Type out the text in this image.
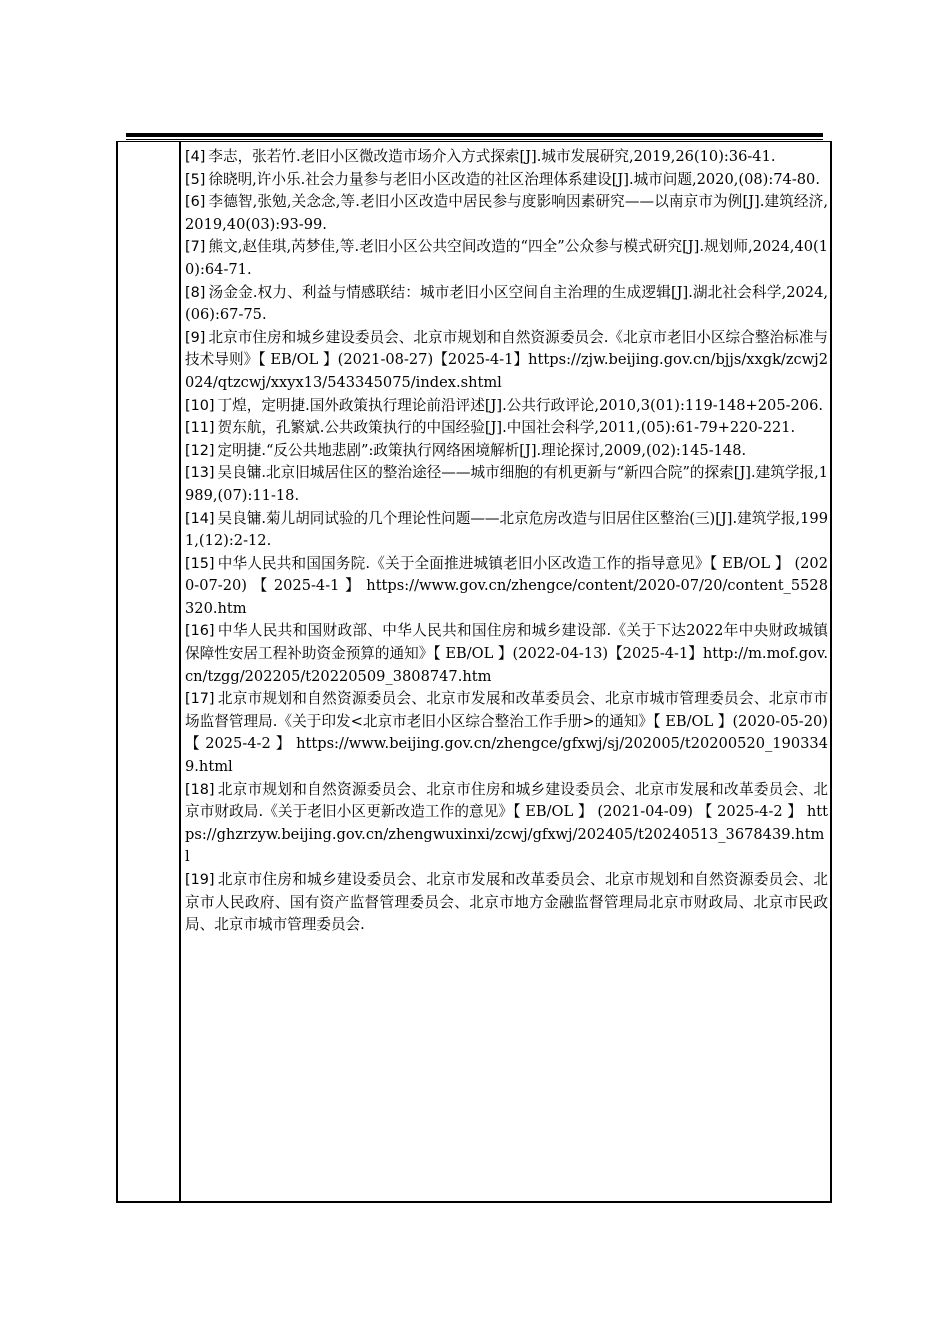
[4] 李志，张若竹.老旧小区微改造市场介入方式探索[J].城市发展研究,2019,26(10):36-41.

[5] 徐晓明,许小乐.社会力量参与老旧小区改造的社区治理体系建设[J].城市问题,2020,(08):74-80.

[6] 李德智,张勉,关念念,等.老旧小区改造中居民参与度影响因素研究——以南京市为例[J].建筑经济,2019,40(03):93-99.

[7] 熊文,赵佳琪,芮梦佳,等.老旧小区公共空间改造的“四全”公众参与模式研究[J].规划师,2024,40(10):64-71.

[8] 汤金金.权力、利益与情感联结：城市老旧小区空间自主治理的生成逻辑[J].湖北社会科学,2024,(06):67-75.

[9] 北京市住房和城乡建设委员会、北京市规划和自然资源委员会.《北京市老旧小区综合整治标准与技术导则》【 EB/OL 】(2021-08-27)【2025-4-1】https://zjw.beijing.gov.cn/bjjs/xxgk/zcwj2024/qtzcwj/xxyx13/543345075/index.shtml

[10] 丁煌，定明捷.国外政策执行理论前沿评述[J].公共行政评论,2010,3(01):119-148+205-206.

[11] 贺东航，孔繁斌.公共政策执行的中国经验[J].中国社会科学,2011,(05):61-79+220-221.

[12] 定明捷.“反公共地悲剧”:政策执行网络困境解析[J].理论探讨,2009,(02):145-148.

[13] 吴良镛.北京旧城居住区的整治途径——城市细胞的有机更新与“新四合院”的探索[J].建筑学报,1989,(07):11-18.

[14] 吴良镛.菊儿胡同试验的几个理论性问题——北京危房改造与旧居住区整治(三)[J].建筑学报,1991,(12):2-12.

[15] 中华人民共和国国务院.《关于全面推进城镇老旧小区改造工作的指导意见》【 EB/OL 】 (2020-07-20) 【 2025-4-1 】 https://www.gov.cn/zhengce/content/2020-07/20/content_5528320.htm

[16] 中华人民共和国财政部、中华人民共和国住房和城乡建设部.《关于下达2022年中央财政城镇保障性安居工程补助资金预算的通知》【 EB/OL 】(2022-04-13)【2025-4-1】http://m.mof.gov.cn/tzgg/202205/t20220509_3808747.htm

[17] 北京市规划和自然资源委员会、北京市发展和改革委员会、北京市城市管理委员会、北京市市场监督管理局.《关于印发<北京市老旧小区综合整治工作手册>的通知》【 EB/OL 】(2020-05-20)【 2025-4-2 】 https://www.beijing.gov.cn/zhengce/gfxwj/sj/202005/t20200520_1903349.html

[18] 北京市规划和自然资源委员会、北京市住房和城乡建设委员会、北京市发展和改革委员会、北京市财政局.《关于老旧小区更新改造工作的意见》【 EB/OL 】 (2021-04-09) 【 2025-4-2 】 https://ghzrzyw.beijing.gov.cn/zhengwuxinxi/zcwj/gfxwj/202405/t20240513_3678439.html

[19] 北京市住房和城乡建设委员会、北京市发展和改革委员会、北京市规划和自然资源委员会、北京市人民政府、国有资产监督管理委员会、北京市地方金融监督管理局北京市财政局、北京市民政局、北京市城市管理委员会.
